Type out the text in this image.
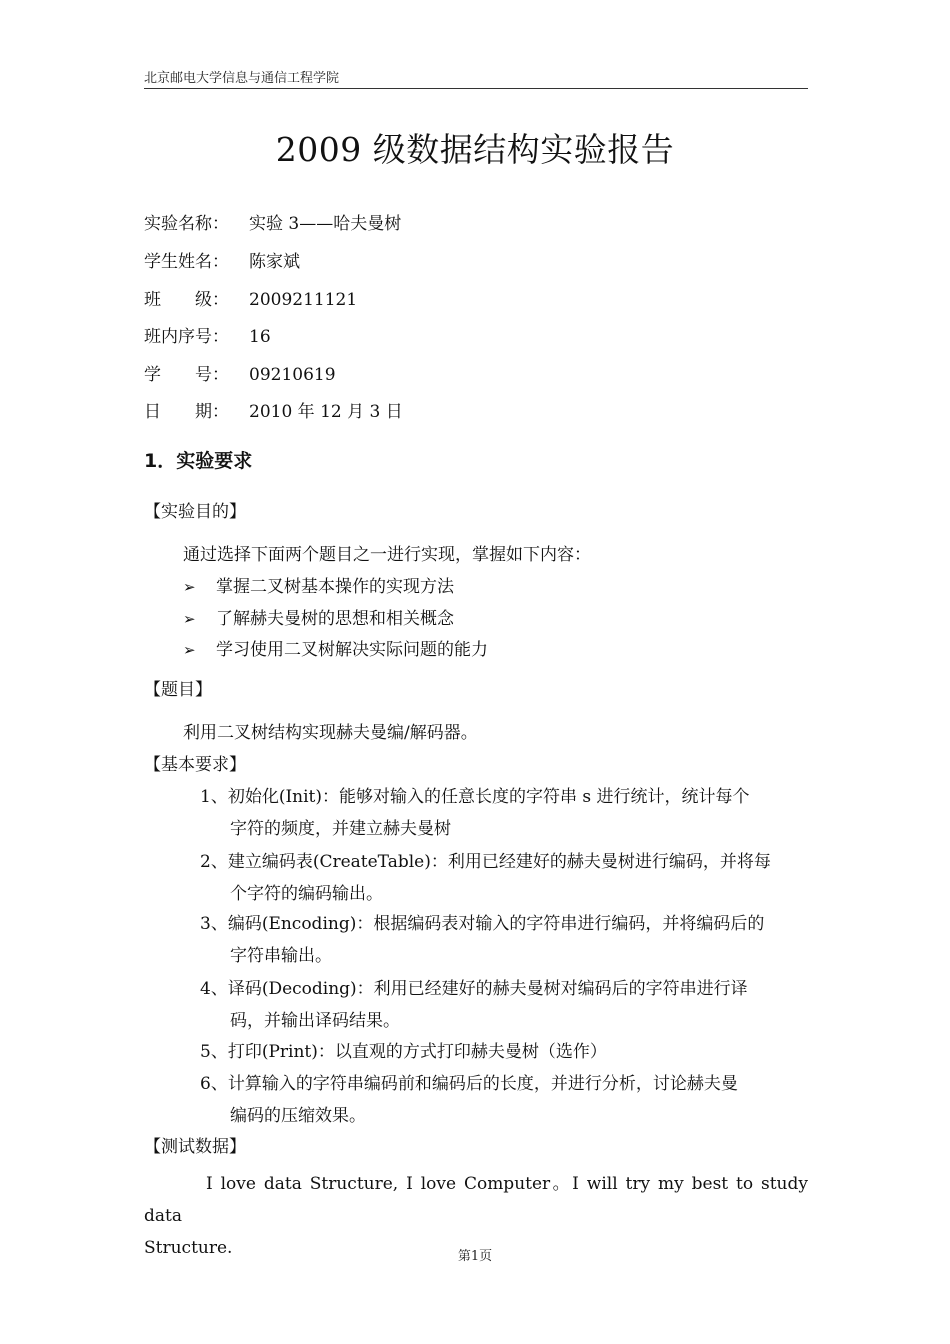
北京邮电大学信息与通信工程学院
2009 级数据结构实验报告
实验名称：	实验 3——哈夫曼树
学生姓名：	陈家斌
班　　级：	2009211121
班内序号：	16
学　　号：	09210619
日　　期：	2010 年 12 月 3 日
1．实验要求
【实验目的】
通过选择下面两个题目之一进行实现，掌握如下内容：
➢ 掌握二叉树基本操作的实现方法
➢ 了解赫夫曼树的思想和相关概念
➢ 学习使用二叉树解决实际问题的能力
【题目】
利用二叉树结构实现赫夫曼编/解码器。
【基本要求】
1、初始化(Init)：能够对输入的任意长度的字符串 s 进行统计，统计每个
字符的频度，并建立赫夫曼树
2、建立编码表(CreateTable)：利用已经建好的赫夫曼树进行编码，并将每
个字符的编码输出。
3、编码(Encoding)：根据编码表对输入的字符串进行编码，并将编码后的
字符串输出。
4、译码(Decoding)：利用已经建好的赫夫曼树对编码后的字符串进行译
码，并输出译码结果。
5、打印(Print)：以直观的方式打印赫夫曼树（选作）
6、计算输入的字符串编码前和编码后的长度，并进行分析，讨论赫夫曼
编码的压缩效果。
【测试数据】
I love data Structure, I love Computer。I will try my best to study data
Structure.	第1页
